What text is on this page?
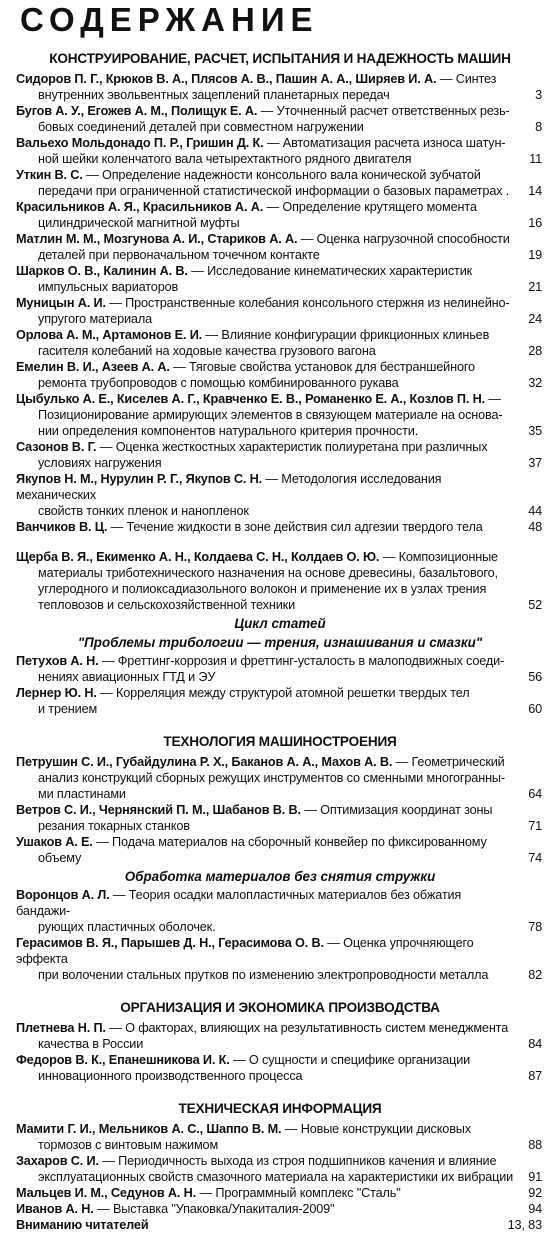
СОДЕРЖАНИЕ
КОНСТРУИРОВАНИЕ, РАСЧЕТ, ИСПЫТАНИЯ И НАДЕЖНОСТЬ МАШИН
Сидоров П. Г., Крюков В. А., Плясов А. В., Пашин А. А., Ширяев И. А. — Синтез
внутренних эвольвентных зацеплений планетарных передач	3
Бугов А. У., Егожев А. М., Полищук Е. А. — Уточненный расчет ответственных резь-
бовых соединений деталей при совместном нагружении	8
Вальехо Мольдонадо П. Р., Гришин Д. К. — Автоматизация расчета износа шатун-
ной шейки коленчатого вала четырехтактного рядного двигателя	11
Уткин В. С. — Определение надежности консольного вала конической зубчатой
передачи при ограниченной статистической информации о базовых параметрах .	14
Красильников А. Я., Красильников А. А. — Определение крутящего момента
цилиндрической магнитной муфты	16
Матлин М. М., Мозгунова А. И., Стариков А. А. — Оценка нагрузочной способности
деталей при первоначальном точечном контакте	19
Шарков О. В., Калинин А. В. — Исследование кинематических характеристик
импульсных вариаторов	21
Муницын А. И. — Пространственные колебания консольного стержня из нелинейно-
упругого материала	24
Орлова А. М., Артамонов Е. И. — Влияние конфигурации фрикционных клиньев
гасителя колебаний на ходовые качества грузового вагона	28
Емелин В. И., Азеев А. А. — Тяговые свойства установок для бестраншейного
ремонта трубопроводов с помощью комбинированного рукава	32
Цыбулько А. Е., Киселев А. Г., Кравченко Е. В., Романенко Е. А., Козлов П. Н. —
Позиционирование армирующих элементов в связующем материале на основа-
нии определения компонентов натурального критерия прочности.	35
Сазонов В. Г. — Оценка жесткостных характеристик полиуретана при различных
условиях нагружения	37
Якупов Н. М., Нурулин Р. Г., Якупов С. Н. — Методология исследования механических
свойств тонких пленок и нанопленок	44
Ванчиков В. Ц. — Течение жидкости в зоне действия сил адгезии твердого тела	48
Щерба В. Я., Екименко А. Н., Колдаева С. Н., Колдаев О. Ю. — Композиционные
материалы триботехнического назначения на основе древесины, базальтового,
углеродного и полиоксадиазольного волокон и применение их в узлах трения
тепловозов и сельскохозяйственной техники	52
Цикл статей
"Проблемы трибологии — трения, изнашивания и смазки"
Петухов А. Н. — Фреттинг-коррозия и фреттинг-усталость в малоподвижных соеди-
нениях авиационных ГТД и ЭУ	56
Лернер Ю. Н. — Корреляция между структурой атомной решетки твердых тел
и трением	60
ТЕХНОЛОГИЯ МАШИНОСТРОЕНИЯ
Петрушин С. И., Губайдулина Р. Х., Баканов А. А., Махов А. В. — Геометрический
анализ конструкций сборных режущих инструментов со сменными многогранны-
ми пластинами	64
Ветров С. И., Чернянский П. М., Шабанов В. В. — Оптимизация координат зоны
резания токарных станков	71
Ушаков А. Е. — Подача материалов на сборочный конвейер по фиксированному
объему	74
Обработка материалов без снятия стружки
Воронцов А. Л. — Теория осадки малопластичных материалов без обжатия бандажи-
рующих пластичных оболочек.	78
Герасимов В. Я., Парышев Д. Н., Герасимова О. В. — Оценка упрочняющего эффекта
при волочении стальных прутков по изменению электропроводности металла	82
ОРГАНИЗАЦИЯ И ЭКОНОМИКА ПРОИЗВОДСТВА
Плетнева Н. П. — О факторах, влияющих на результативность систем менеджмента
качества в России	84
Федоров В. К., Епанешникова И. К. — О сущности и специфике организации
инновационного производственного процесса	87
ТЕХНИЧЕСКАЯ ИНФОРМАЦИЯ
Мамити Г. И., Мельников А. С., Шаппо В. М. — Новые конструкции дисковых
тормозов с винтовым нажимом	88
Захаров С. И. — Периодичность выхода из строя подшипников качения и влияние
эксплуатационных свойств смазочного материала на характеристики их вибрации	91
Мальцев И. М., Седунов А. Н. — Программный комплекс "Сталь"	92
Иванов А. Н. — Выставка "Упаковка/Упакиталия-2009"	94
Вниманию читателей	13, 83
